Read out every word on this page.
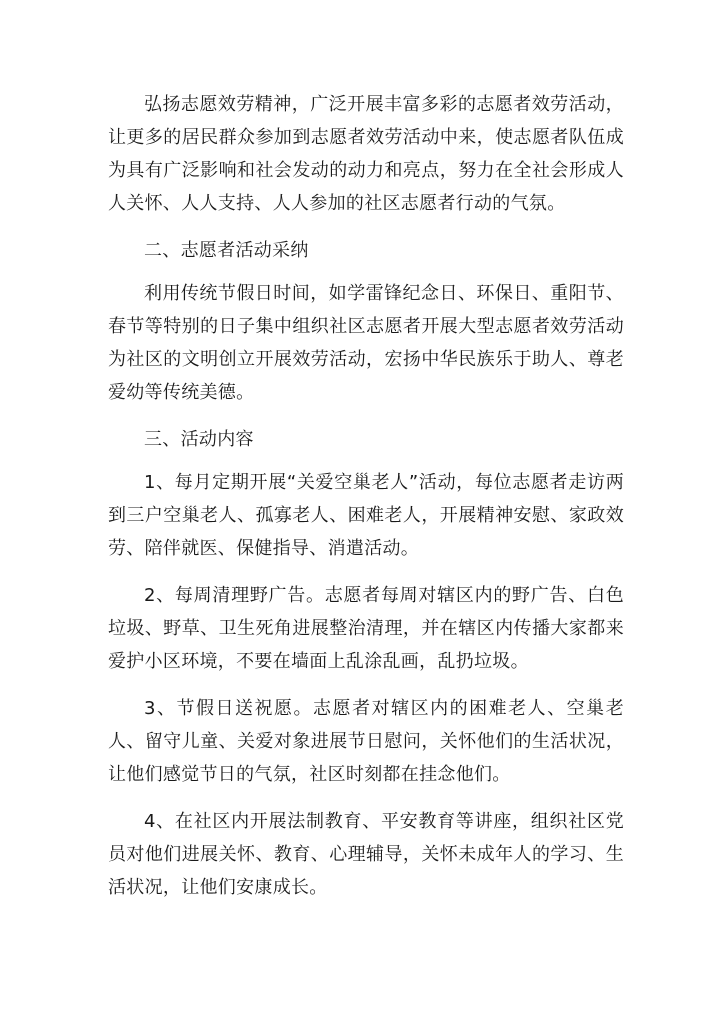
弘扬志愿效劳精神，广泛开展丰富多彩的志愿者效劳活动，让更多的居民群众参加到志愿者效劳活动中来，使志愿者队伍成为具有广泛影响和社会发动的动力和亮点，努力在全社会形成人人关怀、人人支持、人人参加的社区志愿者行动的气氛。

二、志愿者活动采纳

利用传统节假日时间，如学雷锋纪念日、环保日、重阳节、春节等特别的日子集中组织社区志愿者开展大型志愿者效劳活动为社区的文明创立开展效劳活动，宏扬中华民族乐于助人、尊老爱幼等传统美德。

三、活动内容

1、每月定期开展“关爱空巢老人”活动，每位志愿者走访两到三户空巢老人、孤寡老人、困难老人，开展精神安慰、家政效劳、陪伴就医、保健指导、消遣活动。

2、每周清理野广告。志愿者每周对辖区内的野广告、白色垃圾、野草、卫生死角进展整治清理，并在辖区内传播大家都来爱护小区环境，不要在墙面上乱涂乱画，乱扔垃圾。

3、节假日送祝愿。志愿者对辖区内的困难老人、空巢老人、留守儿童、关爱对象进展节日慰问，关怀他们的生活状况，让他们感觉节日的气氛，社区时刻都在挂念他们。

4、在社区内开展法制教育、平安教育等讲座，组织社区党员对他们进展关怀、教育、心理辅导，关怀未成年人的学习、生活状况，让他们安康成长。
